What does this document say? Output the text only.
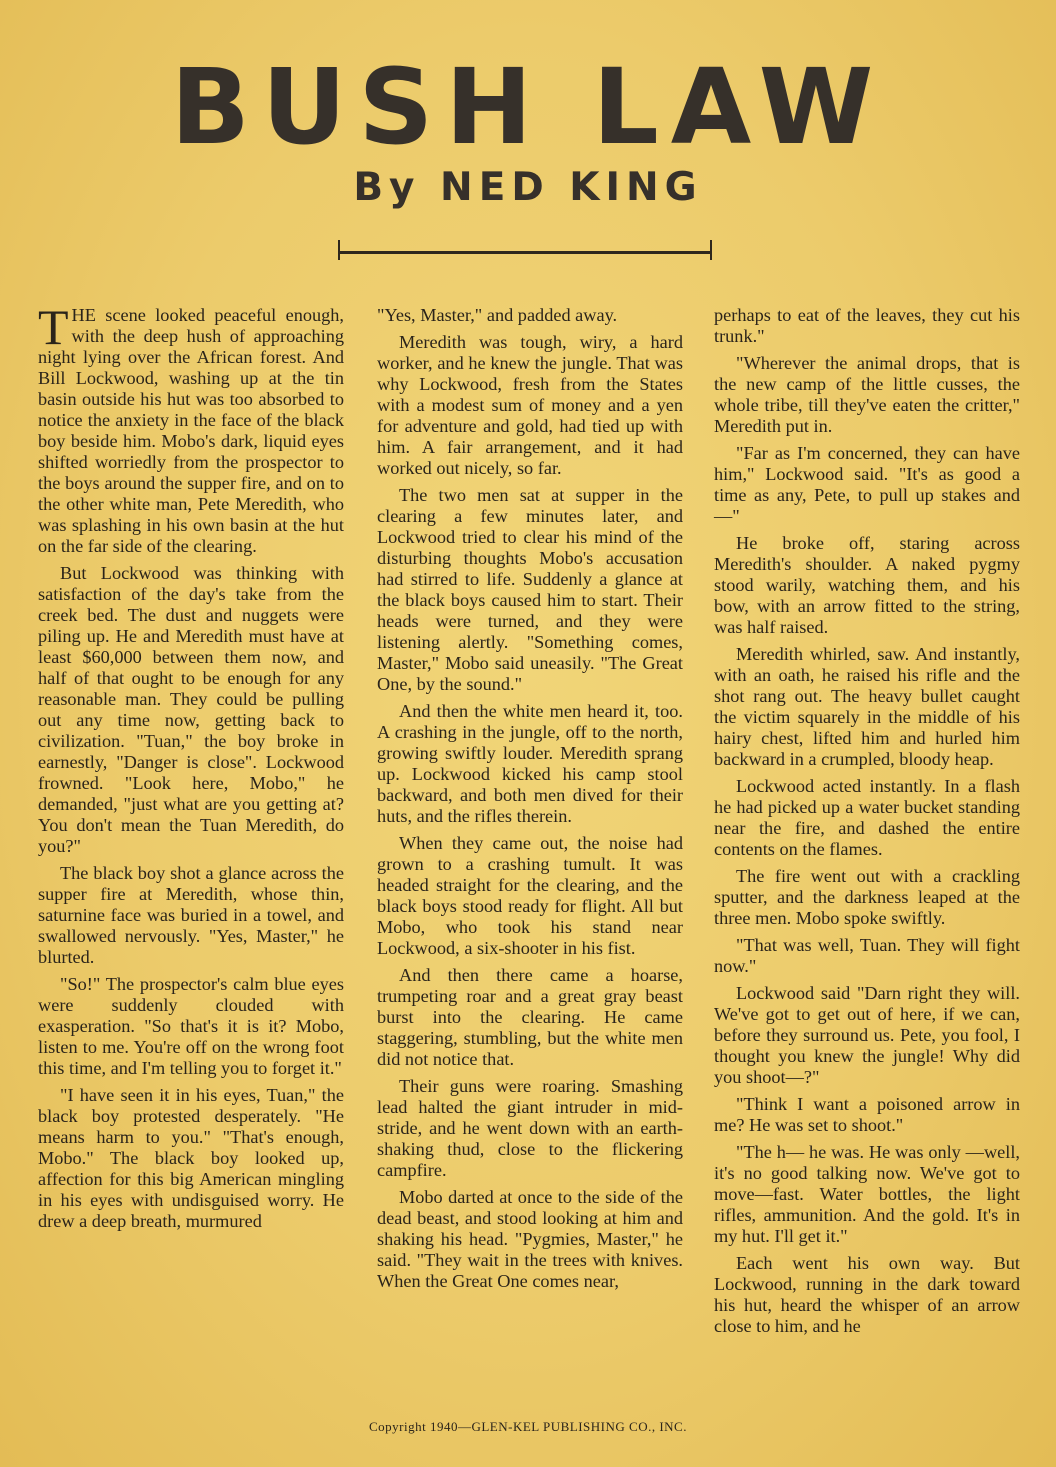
BUSH LAW
By NED KING

THE scene looked peaceful enough, with the deep hush of approaching night lying over the African forest. And Bill Lockwood, washing up at the tin basin outside his hut was too absorbed to notice the anxiety in the face of the black boy beside him. Mobo's dark, liquid eyes shifted worriedly from the prospector to the boys around the supper fire, and on to the other white man, Pete Meredith, who was splashing in his own basin at the hut on the far side of the clearing.

But Lockwood was thinking with satisfaction of the day's take from the creek bed. The dust and nuggets were piling up. He and Meredith must have at least $60,000 between them now, and half of that ought to be enough for any reasonable man. They could be pulling out any time now, getting back to civilization. "Tuan," the boy broke in earnestly, "Danger is close". Lockwood frowned. "Look here, Mobo," he demanded, "just what are you getting at? You don't mean the Tuan Meredith, do you?"

The black boy shot a glance across the supper fire at Meredith, whose thin, saturnine face was buried in a towel, and swallowed nervously. "Yes, Master," he blurted.

"So!" The prospector's calm blue eyes were suddenly clouded with exasperation. "So that's it is it? Mobo, listen to me. You're off on the wrong foot this time, and I'm telling you to forget it."

"I have seen it in his eyes, Tuan," the black boy protested desperately. "He means harm to you." "That's enough, Mobo." The black boy looked up, affection for this big American mingling in his eyes with undisguised worry. He drew a deep breath, murmured

"Yes, Master," and padded away.

Meredith was tough, wiry, a hard worker, and he knew the jungle. That was why Lockwood, fresh from the States with a modest sum of money and a yen for adventure and gold, had tied up with him. A fair arrangement, and it had worked out nicely, so far.

The two men sat at supper in the clearing a few minutes later, and Lockwood tried to clear his mind of the disturbing thoughts Mobo's accusation had stirred to life. Suddenly a glance at the black boys caused him to start. Their heads were turned, and they were listening alertly. "Something comes, Master," Mobo said uneasily. "The Great One, by the sound."

And then the white men heard it, too. A crashing in the jungle, off to the north, growing swiftly louder. Meredith sprang up. Lockwood kicked his camp stool backward, and both men dived for their huts, and the rifles therein.

When they came out, the noise had grown to a crashing tumult. It was headed straight for the clearing, and the black boys stood ready for flight. All but Mobo, who took his stand near Lockwood, a six-shooter in his fist.

And then there came a hoarse, trumpeting roar and a great gray beast burst into the clearing. He came staggering, stumbling, but the white men did not notice that.

Their guns were roaring. Smashing lead halted the giant intruder in mid-stride, and he went down with an earth-shaking thud, close to the flickering campfire.

Mobo darted at once to the side of the dead beast, and stood looking at him and shaking his head. "Pygmies, Master," he said. "They wait in the trees with knives. When the Great One comes near,

perhaps to eat of the leaves, they cut his trunk."

"Wherever the animal drops, that is the new camp of the little cusses, the whole tribe, till they've eaten the critter," Meredith put in.

"Far as I'm concerned, they can have him," Lockwood said. "It's as good a time as any, Pete, to pull up stakes and—"

He broke off, staring across Meredith's shoulder. A naked pygmy stood warily, watching them, and his bow, with an arrow fitted to the string, was half raised.

Meredith whirled, saw. And instantly, with an oath, he raised his rifle and the shot rang out. The heavy bullet caught the victim squarely in the middle of his hairy chest, lifted him and hurled him backward in a crumpled, bloody heap.

Lockwood acted instantly. In a flash he had picked up a water bucket standing near the fire, and dashed the entire contents on the flames.

The fire went out with a crackling sputter, and the darkness leaped at the three men. Mobo spoke swiftly.

"That was well, Tuan. They will fight now."

Lockwood said "Darn right they will. We've got to get out of here, if we can, before they surround us. Pete, you fool, I thought you knew the jungle! Why did you shoot—?"

"Think I want a poisoned arrow in me? He was set to shoot."

"The h— he was. He was only —well, it's no good talking now. We've got to move—fast. Water bottles, the light rifles, ammunition. And the gold. It's in my hut. I'll get it."

Each went his own way. But Lockwood, running in the dark toward his hut, heard the whisper of an arrow close to him, and he

Copyright 1940—GLEN-KEL PUBLISHING CO., INC.
